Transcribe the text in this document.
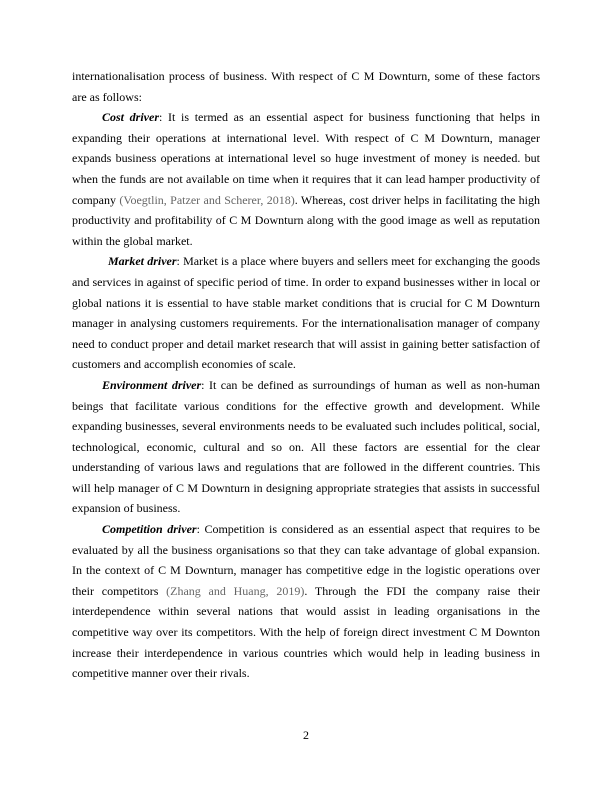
internationalisation process of business. With respect of C M Downturn, some of these factors are as follows:

Cost driver: It is termed as an essential aspect for business functioning that helps in expanding their operations at international level. With respect of C M Downturn, manager expands business operations at international level so huge investment of money is needed. but when the funds are not available on time when it requires that it can lead hamper productivity of company (Voegtlin, Patzer and Scherer, 2018). Whereas, cost driver helps in facilitating the high productivity and profitability of C M Downturn along with the good image as well as reputation within the global market.

Market driver: Market is a place where buyers and sellers meet for exchanging the goods and services in against of specific period of time. In order to expand businesses wither in local or global nations it is essential to have stable market conditions that is crucial for C M Downturn manager in analysing customers requirements. For the internationalisation manager of company need to conduct proper and detail market research that will assist in gaining better satisfaction of customers and accomplish economies of scale.

Environment driver: It can be defined as surroundings of human as well as non-human beings that facilitate various conditions for the effective growth and development. While expanding businesses, several environments needs to be evaluated such includes political, social, technological, economic, cultural and so on. All these factors are essential for the clear understanding of various laws and regulations that are followed in the different countries. This will help manager of C M Downturn in designing appropriate strategies that assists in successful expansion of business.

Competition driver: Competition is considered as an essential aspect that requires to be evaluated by all the business organisations so that they can take advantage of global expansion. In the context of C M Downturn, manager has competitive edge in the logistic operations over their competitors (Zhang and Huang, 2019). Through the FDI the company raise their interdependence within several nations that would assist in leading organisations in the competitive way over its competitors. With the help of foreign direct investment C M Downton increase their interdependence in various countries which would help in leading business in competitive manner over their rivals.

2
